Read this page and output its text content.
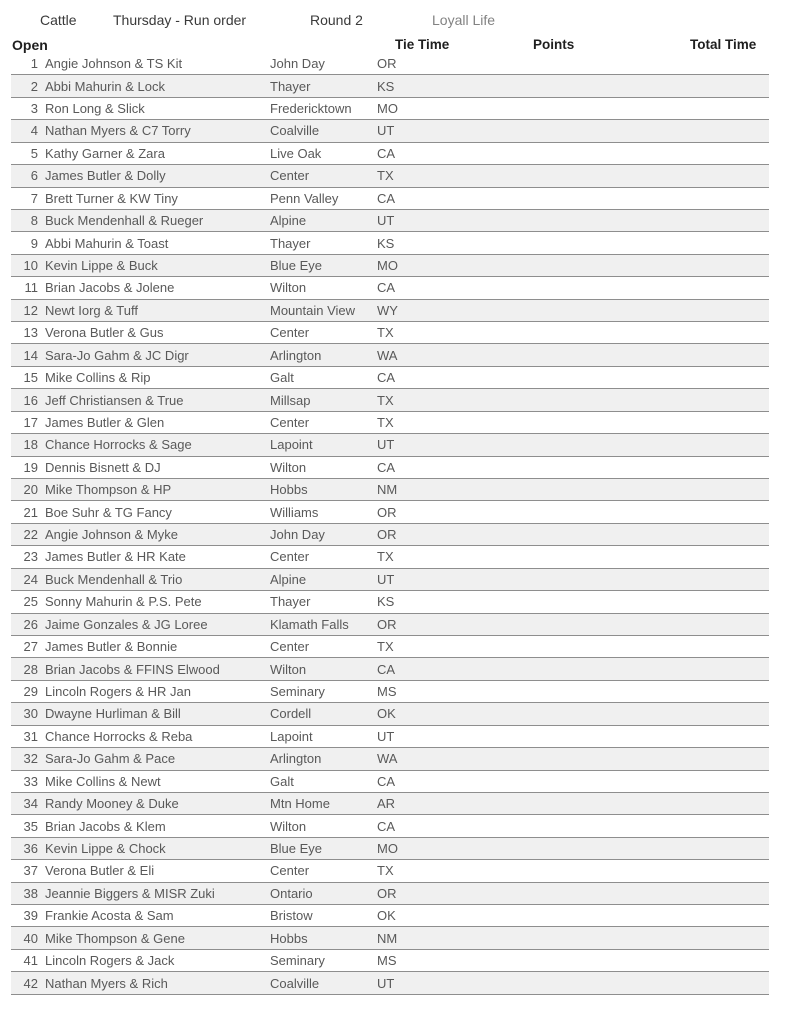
Cattle	Thursday - Run order	Round 2	Loyall Life
Open	Tie Time	Points	Total Time
1 Angie Johnson & TS Kit	John Day	OR
2 Abbi Mahurin & Lock	Thayer	KS
3 Ron Long & Slick	Fredericktown	MO
4 Nathan Myers & C7 Torry	Coalville	UT
5 Kathy Garner & Zara	Live Oak	CA
6 James Butler & Dolly	Center	TX
7 Brett Turner & KW Tiny	Penn Valley	CA
8 Buck Mendenhall & Rueger	Alpine	UT
9 Abbi Mahurin & Toast	Thayer	KS
10 Kevin Lippe & Buck	Blue Eye	MO
11 Brian Jacobs & Jolene	Wilton	CA
12 Newt Iorg & Tuff	Mountain View	WY
13 Verona Butler & Gus	Center	TX
14 Sara-Jo Gahm & JC Digr	Arlington	WA
15 Mike Collins & Rip	Galt	CA
16 Jeff Christiansen & True	Millsap	TX
17 James Butler & Glen	Center	TX
18 Chance Horrocks & Sage	Lapoint	UT
19 Dennis Bisnett & DJ	Wilton	CA
20 Mike Thompson & HP	Hobbs	NM
21 Boe Suhr & TG Fancy	Williams	OR
22 Angie Johnson & Myke	John Day	OR
23 James Butler & HR Kate	Center	TX
24 Buck Mendenhall & Trio	Alpine	UT
25 Sonny Mahurin & P.S. Pete	Thayer	KS
26 Jaime Gonzales & JG Loree	Klamath Falls	OR
27 James Butler & Bonnie	Center	TX
28 Brian Jacobs & FFINS Elwood	Wilton	CA
29 Lincoln Rogers & HR Jan	Seminary	MS
30 Dwayne Hurliman & Bill	Cordell	OK
31 Chance Horrocks & Reba	Lapoint	UT
32 Sara-Jo Gahm & Pace	Arlington	WA
33 Mike Collins & Newt	Galt	CA
34 Randy Mooney & Duke	Mtn Home	AR
35 Brian Jacobs & Klem	Wilton	CA
36 Kevin Lippe & Chock	Blue Eye	MO
37 Verona Butler & Eli	Center	TX
38 Jeannie Biggers & MISR Zuki	Ontario	OR
39 Frankie Acosta & Sam	Bristow	OK
40 Mike Thompson & Gene	Hobbs	NM
41 Lincoln Rogers & Jack	Seminary	MS
42 Nathan Myers & Rich	Coalville	UT
